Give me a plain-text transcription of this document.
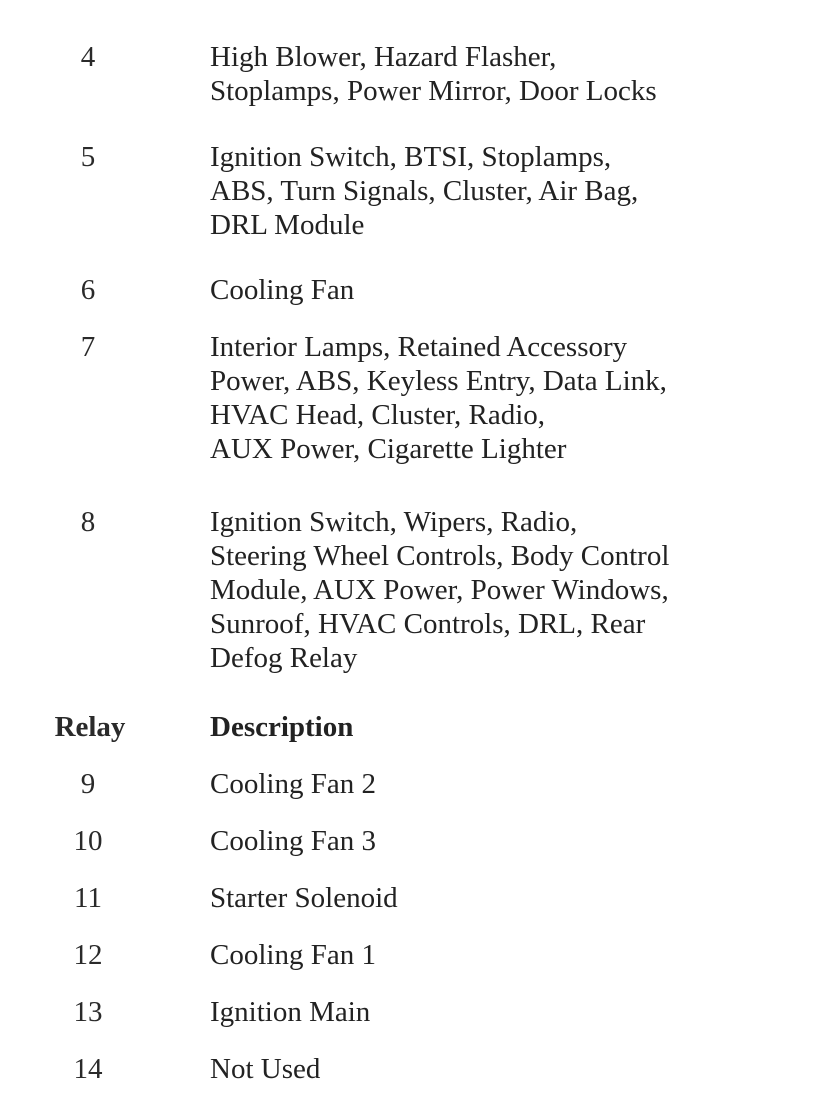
4	High Blower, Hazard Flasher,
Stoplamps, Power Mirror, Door Locks
5	Ignition Switch, BTSI, Stoplamps,
ABS, Turn Signals, Cluster, Air Bag,
DRL Module
6	Cooling Fan
7	Interior Lamps, Retained Accessory
Power, ABS, Keyless Entry, Data Link,
HVAC Head, Cluster, Radio,
AUX Power, Cigarette Lighter
8	Ignition Switch, Wipers, Radio,
Steering Wheel Controls, Body Control
Module, AUX Power, Power Windows,
Sunroof, HVAC Controls, DRL, Rear
Defog Relay
Relay	Description
9	Cooling Fan 2
10	Cooling Fan 3
11	Starter Solenoid
12	Cooling Fan 1
13	Ignition Main
14	Not Used
